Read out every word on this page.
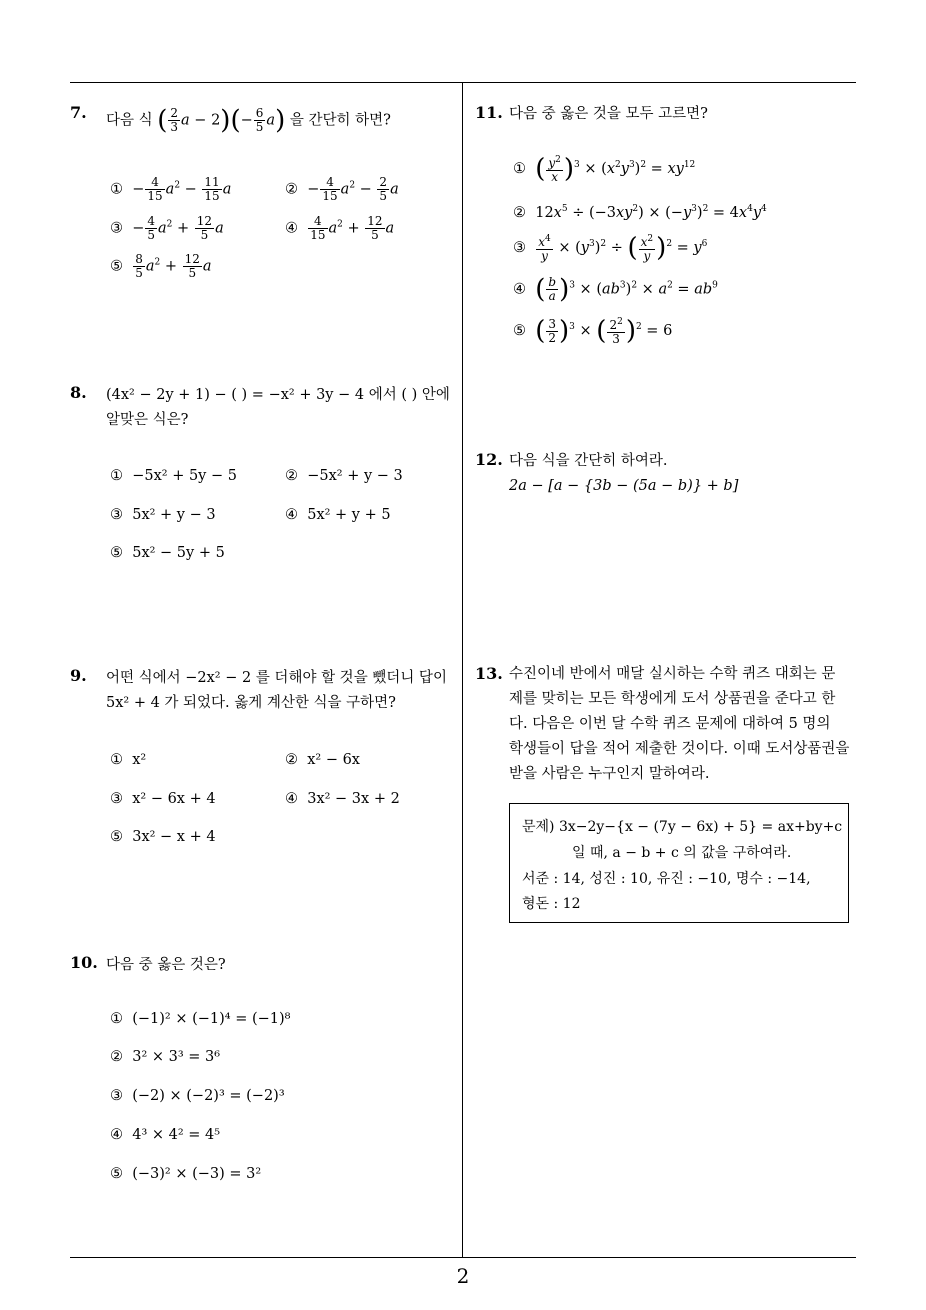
2
7. 다음 식 ( $\frac{2}{3}$ $a - 2)(- \frac{6}{5} a)$ 을 간단히 하면?
①  − $\frac{4}{15} a^2 - \frac{11}{15}$ a	②  − $\frac{4}{15} a^2 - \frac{2}{5}$ a
③  − $\frac{4}{5} a^2 + \frac{12}{5}$ a	④ $\frac{4}{15} a^2 + \frac{12}{5}$ a
⑤ $\frac{8}{5} a^2 + \frac{12}{5}$ a
8. (4x² − 2y + 1) − ( ) = −x² + 3y − 4 에서 ( ) 안에
알맞은 식은?
① −5x² + 5y − 5	② −5x² + y − 3
③ 5x² + y − 3	④ 5x² + y + 5
⑤ 5x² − 5y + 5
9. 어떤 식에서 −2x² − 2 를 더해야 할 것을 뺐더니 답이
5x² + 4 가 되었다. 옳게 계산한 식을 구하면?
① x²	② x² − 6x
③ x² − 6x + 4	④ 3x² − 3x + 2
⑤ 3x² − x + 4
10. 다음 중 옳은 것은?
① (−1)² × (−1)⁴ = (−1)⁸
② 3² × 3³ = 3⁶
③ (−2) × (−2)³ = (−2)³
④ 4³ × 4² = 4⁵
⑤ (−3)² × (−3) = 3²
11. 다음 중 옳은 것을 모두 고르면?
① ( $\frac{y^2}{x} )^3 \times (x^2y^3)^2 = xy^{12}$
②  $12x^5 \div (-3xy^2) \times (-y^3)^2 = 4x^4y^4$
③ $\frac{x^4}{y} \times (y^3)^2$ ÷ ( $\frac{x^2}{y} )^2 = y^6$
④ ( $\frac{b}{a} )^3 \times (ab^3)^2 \times a^2 = ab^9$
⑤ ( $\frac{3}{2} )^3$ × ( $\frac{2^2}{3} )^2 = 6$
12. 다음 식을 간단히 하여라.
2a − [a − {3b − (5a − b)} + b]
13. 수진이네 반에서 매달 실시하는 수학 퀴즈 대회는 문
제를 맞히는 모든 학생에게 도서 상품권을 준다고 한
다. 다음은 이번 달 수학 퀴즈 문제에 대하여 5 명의
학생들이 답을 적어 제출한 것이다. 이때 도서상품권을
받을 사람은 누구인지 말하여라.
문제) 3x−2y−{x − (7y − 6x) + 5} = ax+by+c
일 때, a − b + c 의 값을 구하여라.
서준 : 14, 성진 : 10, 유진 : −10, 명수 : −14,
형돈 : 12
